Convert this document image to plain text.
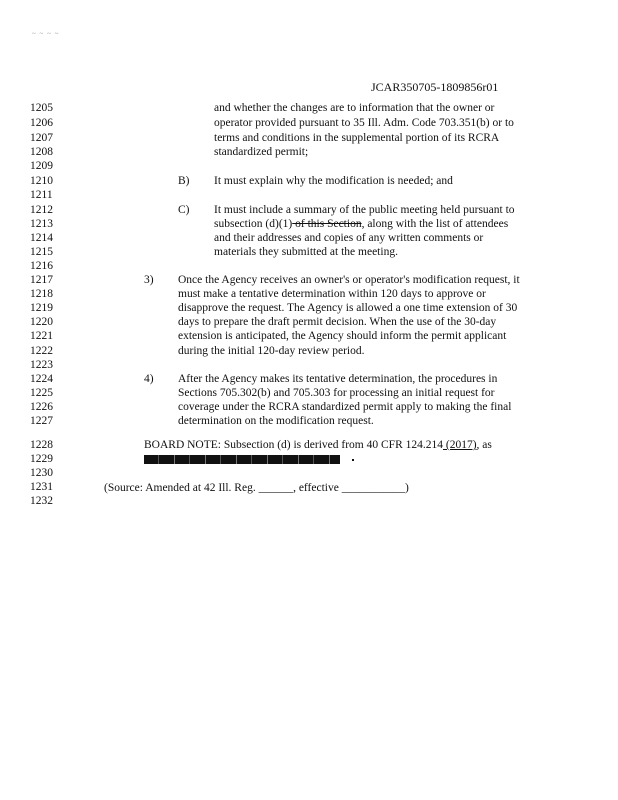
~ ~ ~ ~
JCAR350705-1809856r01
1205
1206
1207
1208
1209
1210
1211
1212
1213
1214
1215
1216
1217
1218
1219
1220
1221
1222
1223
1224
1225
1226
1227
1228
1229
1230
1231
1232
and whether the changes are to information that the owner or
operator provided pursuant to 35 Ill. Adm. Code 703.351(b) or to
terms and conditions in the supplemental portion of its RCRA
standardized permit;
B) It must explain why the modification is needed; and
C) It must include a summary of the public meeting held pursuant to
subsection (d)(1) of this Section, along with the list of attendees
and their addresses and copies of any written comments or
materials they submitted at the meeting.
3) Once the Agency receives an owner's or operator's modification request, it
must make a tentative determination within 120 days to approve or
disapprove the request. The Agency is allowed a one time extension of 30
days to prepare the draft permit decision. When the use of the 30-day
extension is anticipated, the Agency should inform the permit applicant
during the initial 120-day review period.
4) After the Agency makes its tentative determination, the procedures in
Sections 705.302(b) and 705.303 for processing an initial request for
coverage under the RCRA standardized permit apply to making the final
determination on the modification request.
BOARD NOTE: Subsection (d) is derived from 40 CFR 124.214 (2017), as
(Source: Amended at 42 Ill. Reg. ______, effective ___________)
